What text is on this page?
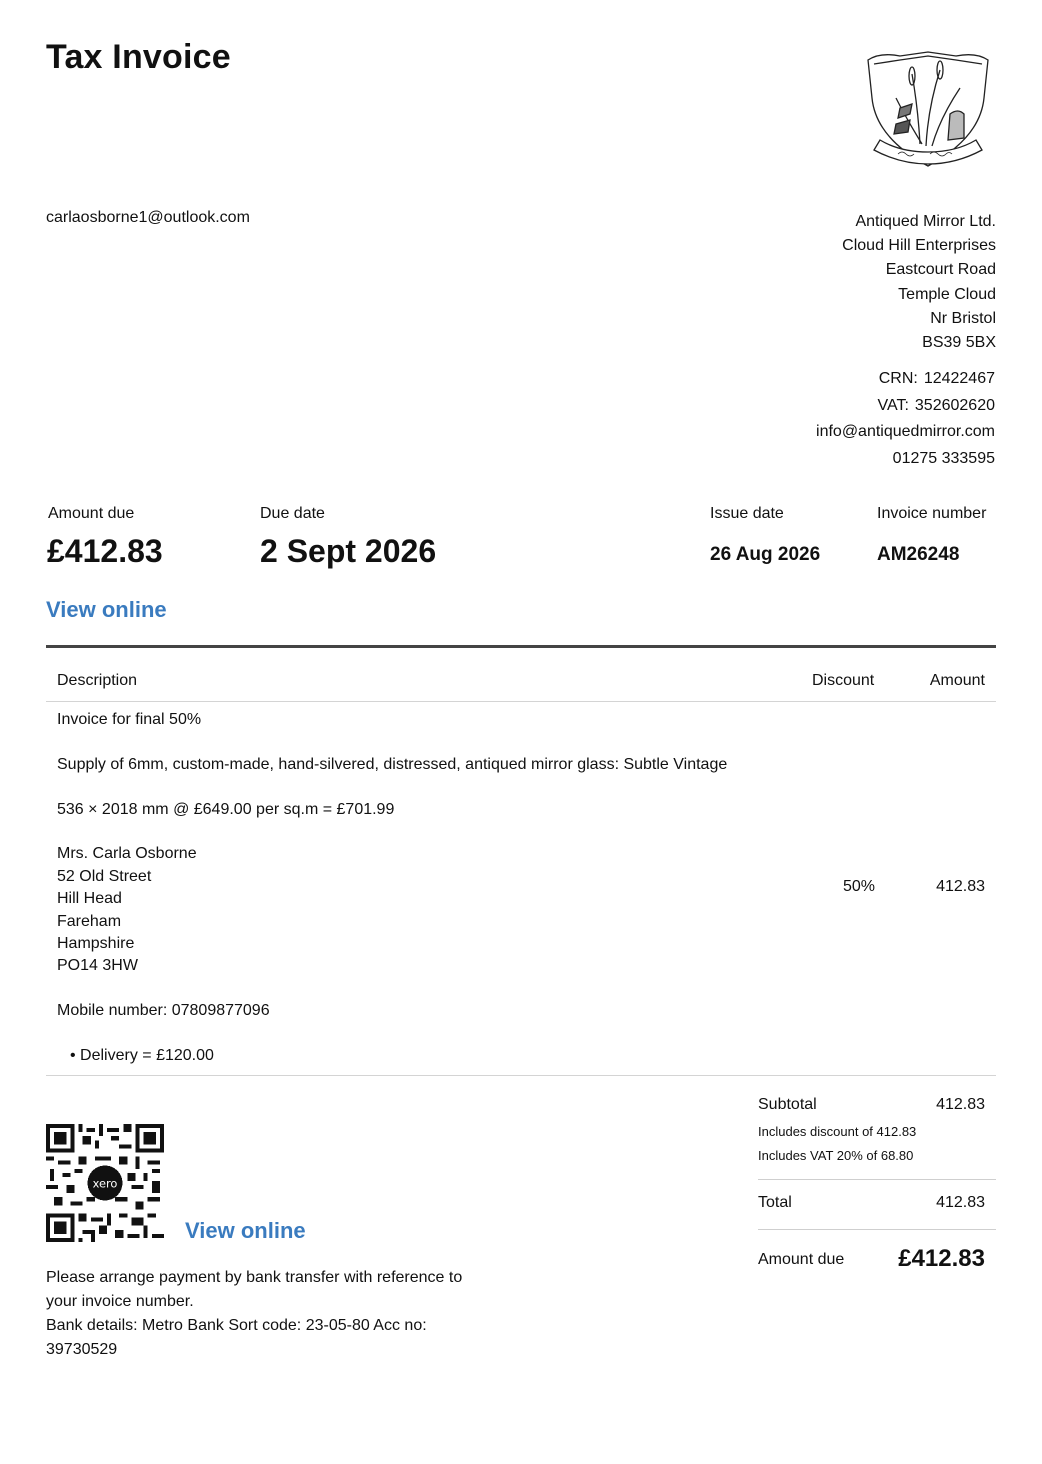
Tax Invoice
carlaosborne1@outlook.com	Antiqued Mirror Ltd.
Cloud Hill Enterprises
Eastcourt Road
Temple Cloud
Nr Bristol
BS39 5BX
CRN: 12422467
VAT: 352602620
info@antiquedmirror.com
01275 333595
Amount due
£412.83
Due date
2 Sept 2026
Issue date
26 Aug 2026
Invoice number
AM26248
View online
Description	Discount	Amount

Invoice for final 50%

Supply of 6mm, custom-made, hand-silvered, distressed, antiqued mirror glass: Subtle Vintage

536 × 2018 mm @ £649.00 per sq.m = £701.99

Mrs. Carla Osborne

52 Old Street

Hill Head

Fareham

Hampshire

PO14 3HW

Mobile number: 07809877096

• Delivery = £120.00

50%	412.83
xero
View online
Please arrange payment by bank transfer with reference to
your invoice number.
Bank details: Metro Bank Sort code: 23-05-80 Acc no:
39730529
Subtotal	412.83
Includes discount of 412.83
Includes VAT 20% of 68.80
Total	412.83
Amount due £412.83
